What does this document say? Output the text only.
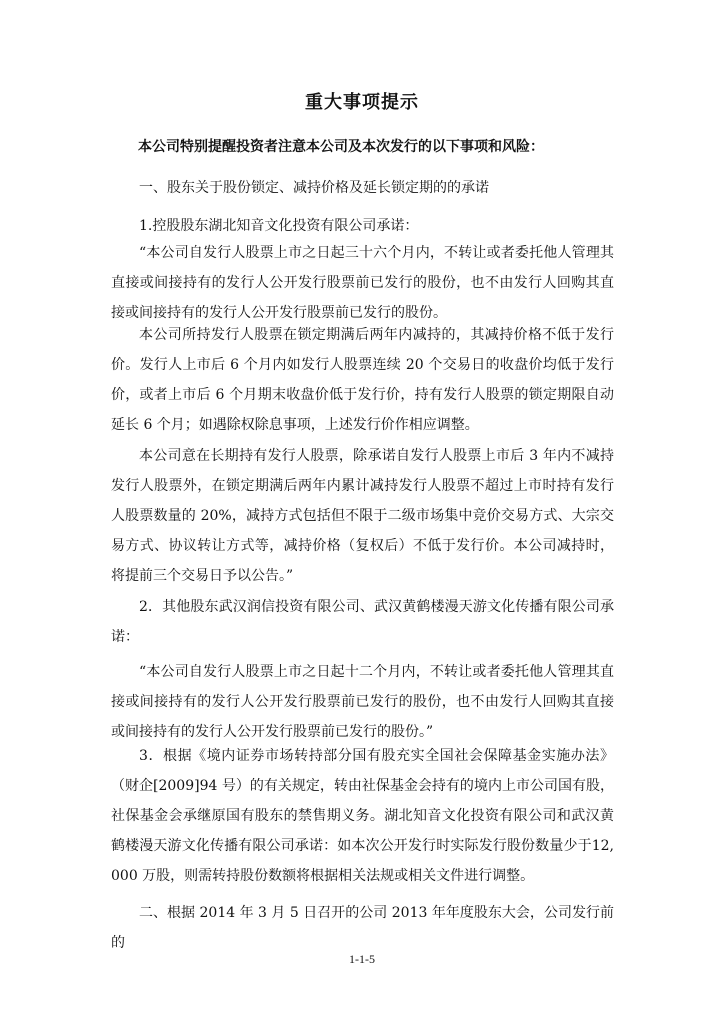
重大事项提示
本公司特别提醒投资者注意本公司及本次发行的以下事项和风险：

一、股东关于股份锁定、减持价格及延长锁定期的的承诺

1.控股股东湖北知音文化投资有限公司承诺：

“本公司自发行人股票上市之日起三十六个月内，不转让或者委托他人管理其直接或间接持有的发行人公开发行股票前已发行的股份，也不由发行人回购其直接或间接持有的发行人公开发行股票前已发行的股份。

本公司所持发行人股票在锁定期满后两年内减持的，其减持价格不低于发行价。发行人上市后 6 个月内如发行人股票连续 20 个交易日的收盘价均低于发行价，或者上市后 6 个月期末收盘价低于发行价，持有发行人股票的锁定期限自动延长 6 个月；如遇除权除息事项，上述发行价作相应调整。

本公司意在长期持有发行人股票，除承诺自发行人股票上市后 3 年内不减持发行人股票外，在锁定期满后两年内累计减持发行人股票不超过上市时持有发行人股票数量的 20%，减持方式包括但不限于二级市场集中竞价交易方式、大宗交易方式、协议转让方式等，减持价格（复权后）不低于发行价。本公司减持时，将提前三个交易日予以公告。”

2．其他股东武汉润信投资有限公司、武汉黄鹤楼漫天游文化传播有限公司承诺：

“本公司自发行人股票上市之日起十二个月内，不转让或者委托他人管理其直接或间接持有的发行人公开发行股票前已发行的股份，也不由发行人回购其直接或间接持有的发行人公开发行股票前已发行的股份。”

3．根据《境内证券市场转持部分国有股充实全国社会保障基金实施办法》（财企[2009]94 号）的有关规定，转由社保基金会持有的境内上市公司国有股，社保基金会承继原国有股东的禁售期义务。湖北知音文化投资有限公司和武汉黄鹤楼漫天游文化传播有限公司承诺：如本次公开发行时实际发行股份数量少于12,000 万股，则需转持股份数额将根据相关法规或相关文件进行调整。

二、根据 2014 年 3 月 5 日召开的公司 2013 年年度股东大会，公司发行前的

1-1-5
